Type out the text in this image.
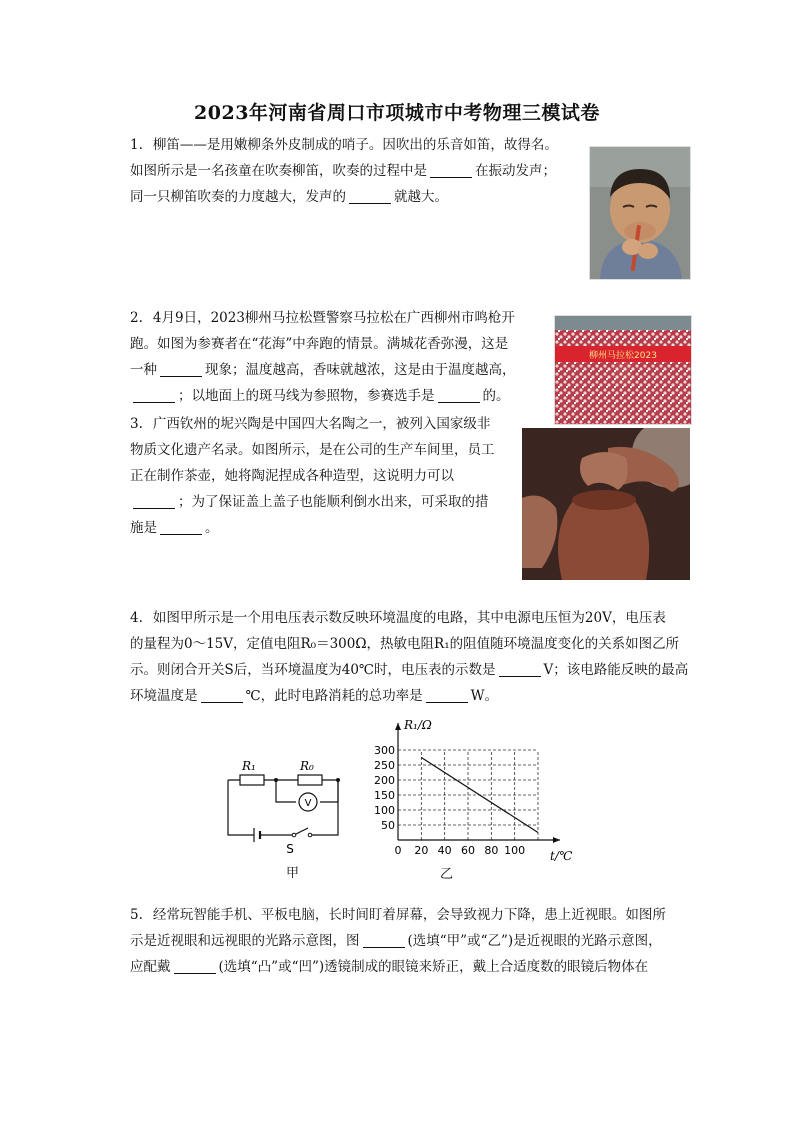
2023年河南省周口市项城市中考物理三模试卷
1. 柳笛——是用嫩柳条外皮制成的哨子。因吹出的乐音如笛，故得名。
如图所示是一名孩童在吹奏柳笛，吹奏的过程中是	在振动发声；
同一只柳笛吹奏的力度越大，发声的	就越大。
2. 4月9日，2023柳州马拉松暨警察马拉松在广西柳州市鸣枪开
跑。如图为参赛者在“花海”中奔跑的情景。满城花香弥漫，这是
一种	现象；温度越高，香味就越浓，这是由于温度越高，
；以地面上的斑马线为参照物，参赛选手是	的。
柳州马拉松2023
3. 广西钦州的坭兴陶是中国四大名陶之一，被列入国家级非
物质文化遗产名录。如图所示，是在公司的生产车间里，员工
正在制作茶壶，她将陶泥捏成各种造型，这说明力可以
；为了保证盖上盖子也能顺利倒水出来，可采取的措
施是	。
4. 如图甲所示是一个用电压表示数反映环境温度的电路，其中电源电压恒为20V，电压表
的量程为0～15V，定值电阻R₀＝300Ω，热敏电阻R₁的阻值随环境温度变化的关系如图乙所
示。则闭合开关S后，当环境温度为40℃时，电压表的示数是	V；该电路能反映的最高
环境温度是	℃，此时电路消耗的总功率是	W。
R₁	R₀
V
S
甲
0 20 40 60 80 100
50
100
150
200
250
300
R₁/Ω
t/℃
乙
5. 经常玩智能手机、平板电脑，长时间盯着屏幕，会导致视力下降，患上近视眼。如图所
示是近视眼和远视眼的光路示意图，图	(选填“甲”或“乙”)是近视眼的光路示意图，
应配戴	(选填“凸”或“凹”)透镜制成的眼镜来矫正，戴上合适度数的眼镜后物体在
